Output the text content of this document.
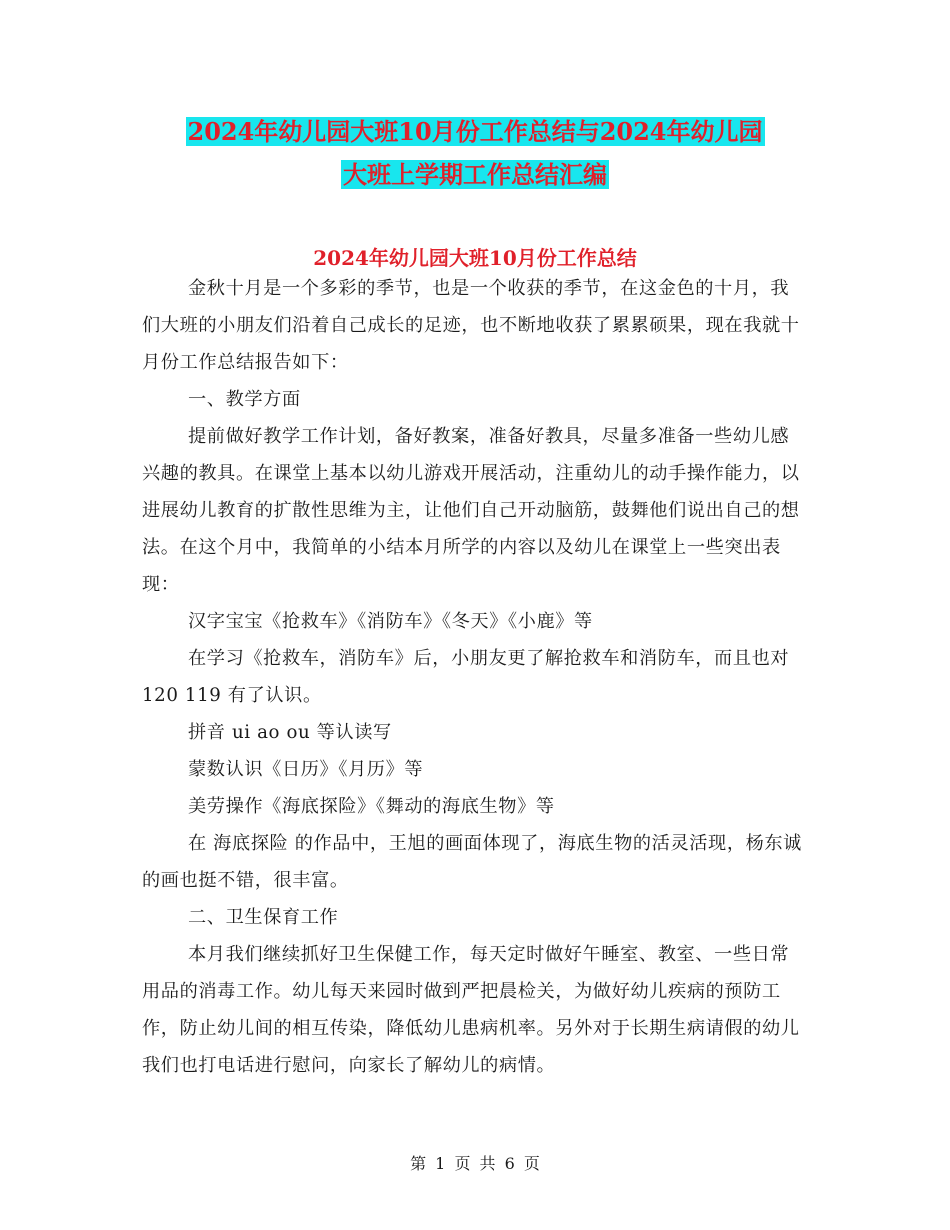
2024年幼儿园大班10月份工作总结与2024年幼儿园
大班上学期工作总结汇编
2024年幼儿园大班10月份工作总结

金秋十月是一个多彩的季节，也是一个收获的季节，在这金色的十月，我们大班的小朋友们沿着自己成长的足迹，也不断地收获了累累硕果，现在我就十月份工作总结报告如下：

一、教学方面

提前做好教学工作计划，备好教案，准备好教具，尽量多准备一些幼儿感兴趣的教具。在课堂上基本以幼儿游戏开展活动，注重幼儿的动手操作能力，以进展幼儿教育的扩散性思维为主，让他们自己开动脑筋，鼓舞他们说出自己的想法。在这个月中，我简单的小结本月所学的内容以及幼儿在课堂上一些突出表现：

汉字宝宝《抢救车》《消防车》《冬天》《小鹿》等

在学习《抢救车，消防车》后，小朋友更了解抢救车和消防车，而且也对 120 119 有了认识。

拼音 ui ao ou 等认读写

蒙数认识《日历》《月历》等

美劳操作《海底探险》《舞动的海底生物》等

在 海底探险 的作品中，王旭的画面体现了，海底生物的活灵活现，杨东诚的画也挺不错，很丰富。

二、卫生保育工作

本月我们继续抓好卫生保健工作，每天定时做好午睡室、教室、一些日常用品的消毒工作。幼儿每天来园时做到严把晨检关，为做好幼儿疾病的预防工作，防止幼儿间的相互传染，降低幼儿患病机率。另外对于长期生病请假的幼儿我们也打电话进行慰问，向家长了解幼儿的病情。

第 1 页 共 6 页
